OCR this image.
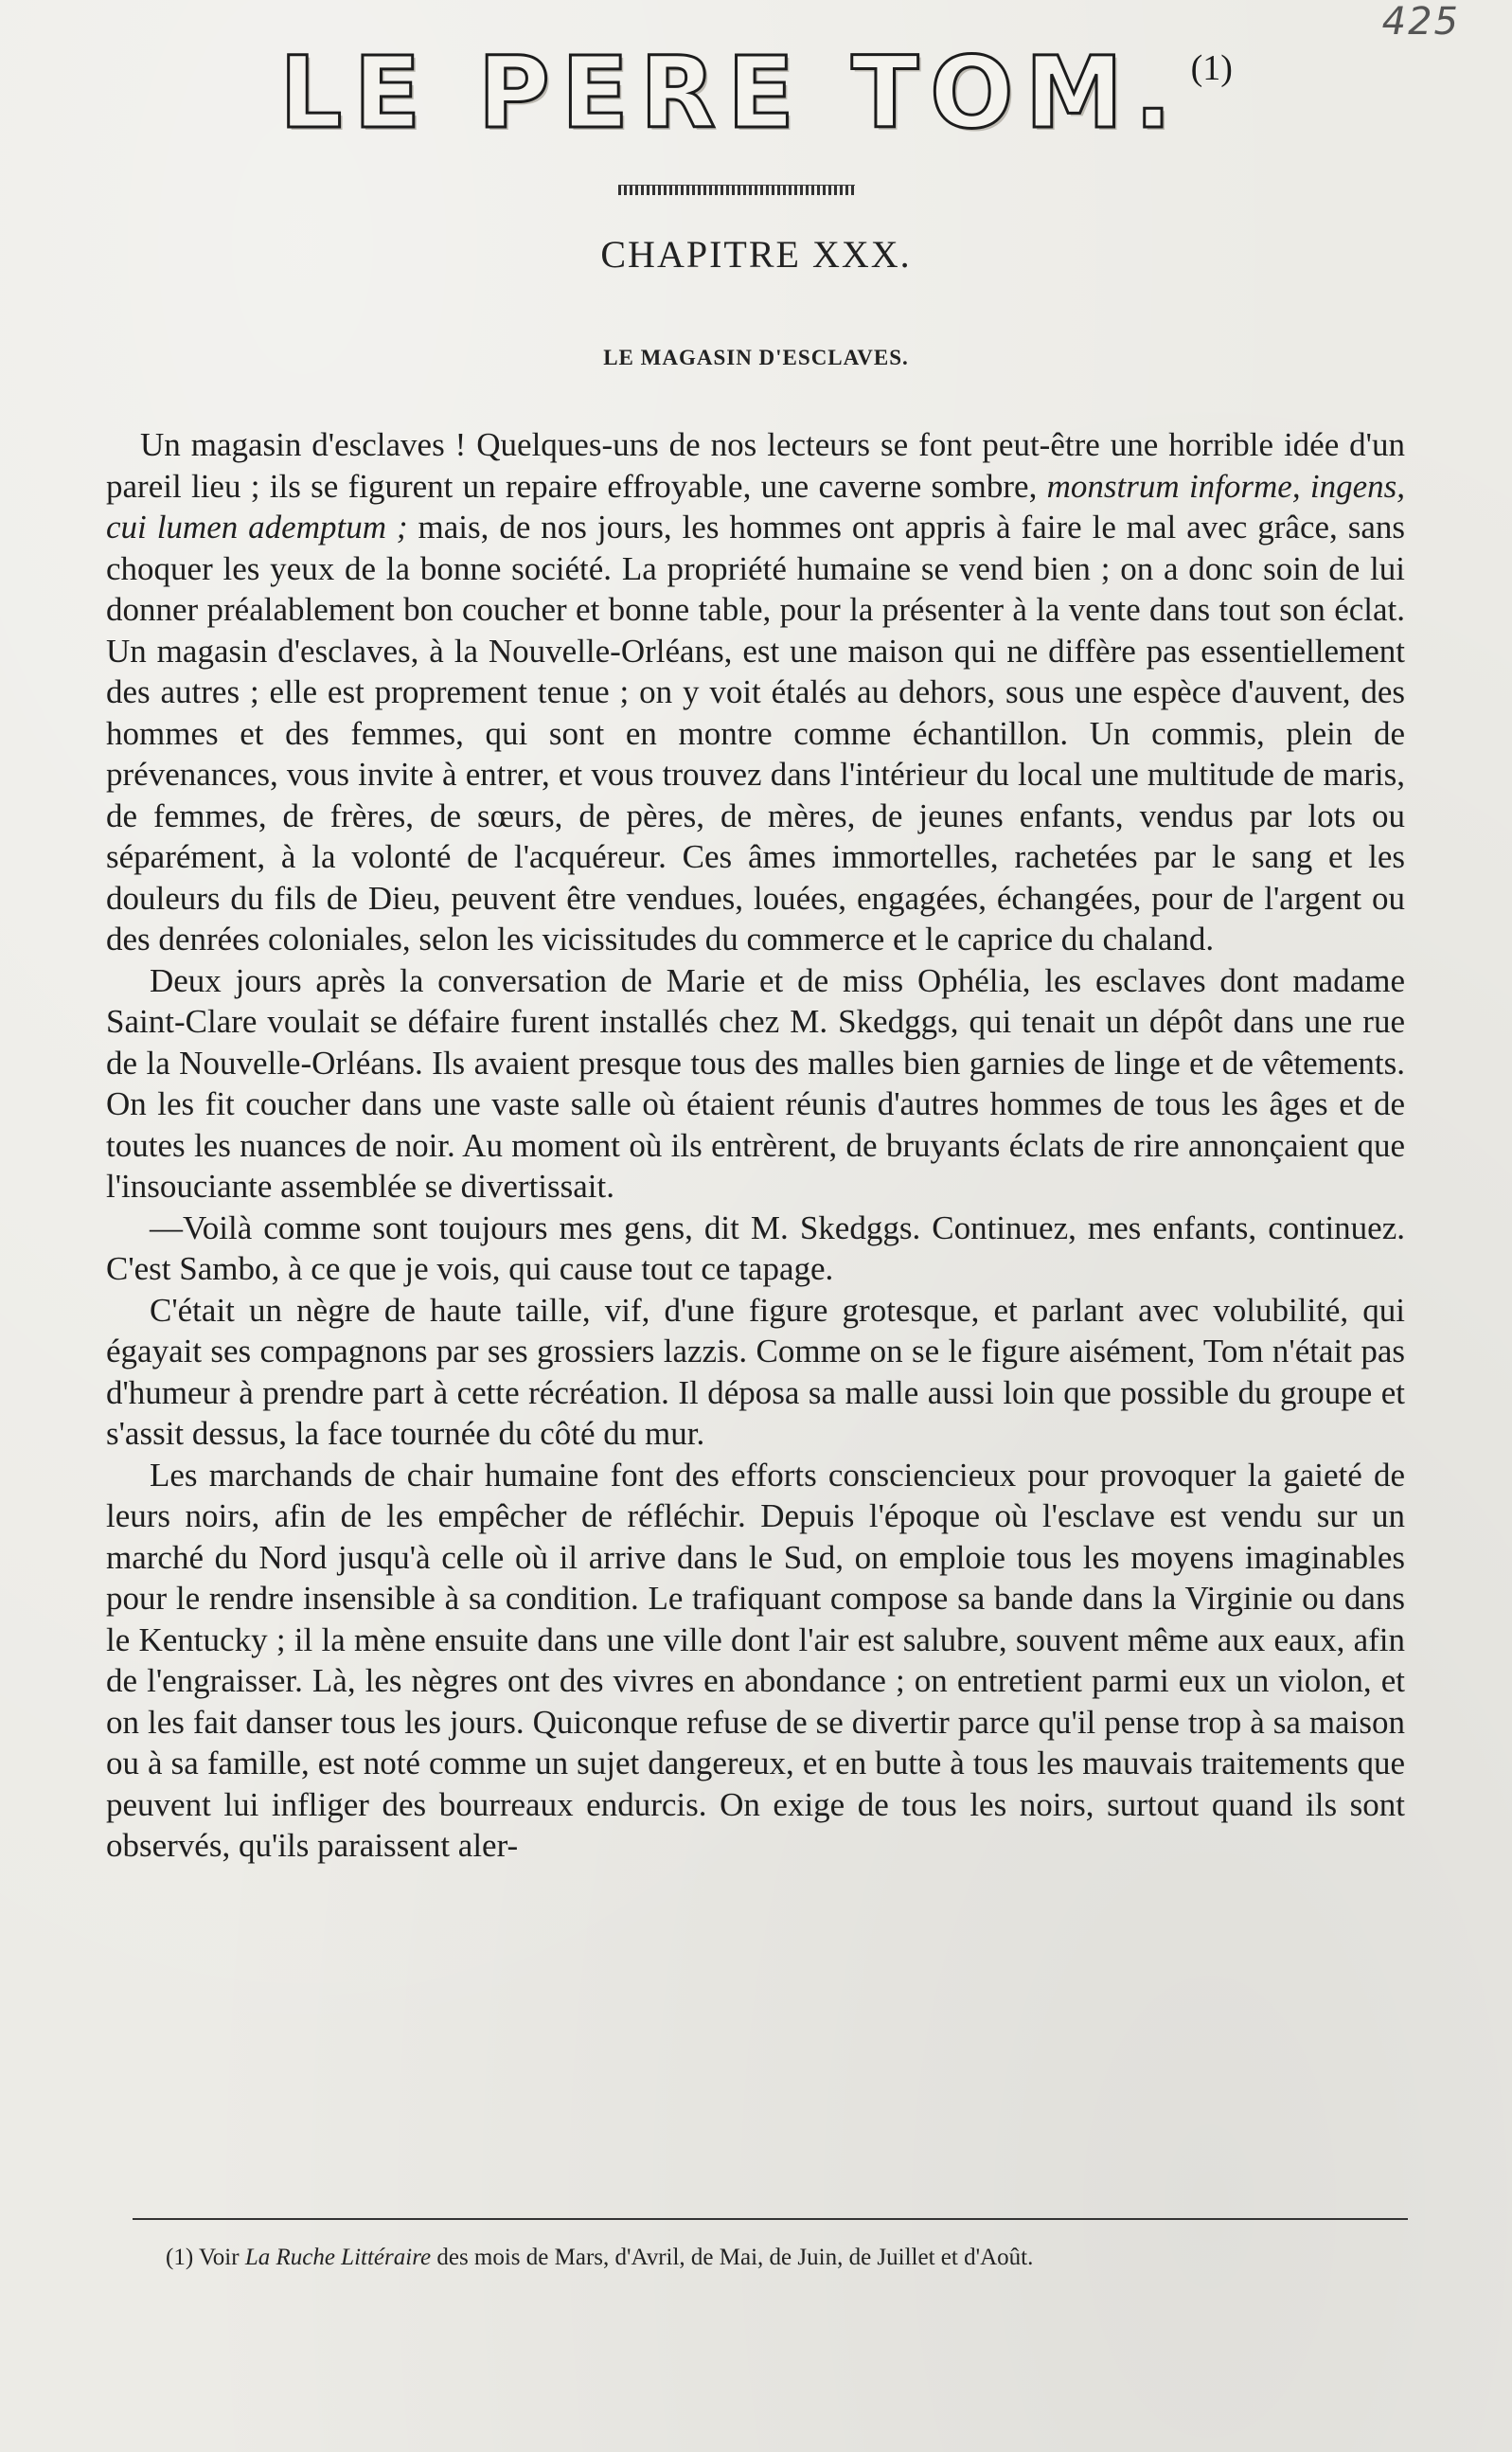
425
LE PERE TOM. (1)
CHAPITRE XXX.
LE MAGASIN D'ESCLAVES.

Un magasin d'esclaves ! Quelques-uns de nos lecteurs se font peut-être une horrible idée d'un pareil lieu ; ils se figurent un repaire effroyable, une caverne sombre, monstrum informe, ingens, cui lumen ademptum ; mais, de nos jours, les hommes ont appris à faire le mal avec grâce, sans choquer les yeux de la bonne société. La propriété humaine se vend bien ; on a donc soin de lui donner préalablement bon coucher et bonne table, pour la présenter à la vente dans tout son éclat. Un magasin d'esclaves, à la Nouvelle-Orléans, est une maison qui ne diffère pas essentiellement des autres ; elle est proprement tenue ; on y voit étalés au dehors, sous une espèce d'auvent, des hommes et des femmes, qui sont en montre comme échantillon. Un commis, plein de prévenances, vous invite à entrer, et vous trouvez dans l'intérieur du local une multitude de maris, de femmes, de frères, de sœurs, de pères, de mères, de jeunes enfants, vendus par lots ou séparément, à la volonté de l'acquéreur. Ces âmes immortelles, rachetées par le sang et les douleurs du fils de Dieu, peuvent être vendues, louées, engagées, échangées, pour de l'argent ou des denrées coloniales, selon les vicissitudes du commerce et le caprice du chaland.

Deux jours après la conversation de Marie et de miss Ophélia, les esclaves dont madame Saint-Clare voulait se défaire furent installés chez M. Skedggs, qui tenait un dépôt dans une rue de la Nouvelle-Orléans. Ils avaient presque tous des malles bien garnies de linge et de vêtements. On les fit coucher dans une vaste salle où étaient réunis d'autres hommes de tous les âges et de toutes les nuances de noir. Au moment où ils entrèrent, de bruyants éclats de rire annonçaient que l'insouciante assemblée se divertissait.

—Voilà comme sont toujours mes gens, dit M. Skedggs. Continuez, mes enfants, continuez. C'est Sambo, à ce que je vois, qui cause tout ce tapage.

C'était un nègre de haute taille, vif, d'une figure grotesque, et parlant avec volubilité, qui égayait ses compagnons par ses grossiers lazzis. Comme on se le figure aisément, Tom n'était pas d'humeur à prendre part à cette récréation. Il déposa sa malle aussi loin que possible du groupe et s'assit dessus, la face tournée du côté du mur.

Les marchands de chair humaine font des efforts consciencieux pour provoquer la gaieté de leurs noirs, afin de les empêcher de réfléchir. Depuis l'époque où l'esclave est vendu sur un marché du Nord jusqu'à celle où il arrive dans le Sud, on emploie tous les moyens imaginables pour le rendre insensible à sa condition. Le trafiquant compose sa bande dans la Virginie ou dans le Kentucky ; il la mène ensuite dans une ville dont l'air est salubre, souvent même aux eaux, afin de l'engraisser. Là, les nègres ont des vivres en abondance ; on entretient parmi eux un violon, et on les fait danser tous les jours. Quiconque refuse de se divertir parce qu'il pense trop à sa maison ou à sa famille, est noté comme un sujet dangereux, et en butte à tous les mauvais traitements que peuvent lui infliger des bourreaux endurcis. On exige de tous les noirs, surtout quand ils sont observés, qu'ils paraissent aler-

(1) Voir La Ruche Littéraire des mois de Mars, d'Avril, de Mai, de Juin, de Juillet et d'Août.
